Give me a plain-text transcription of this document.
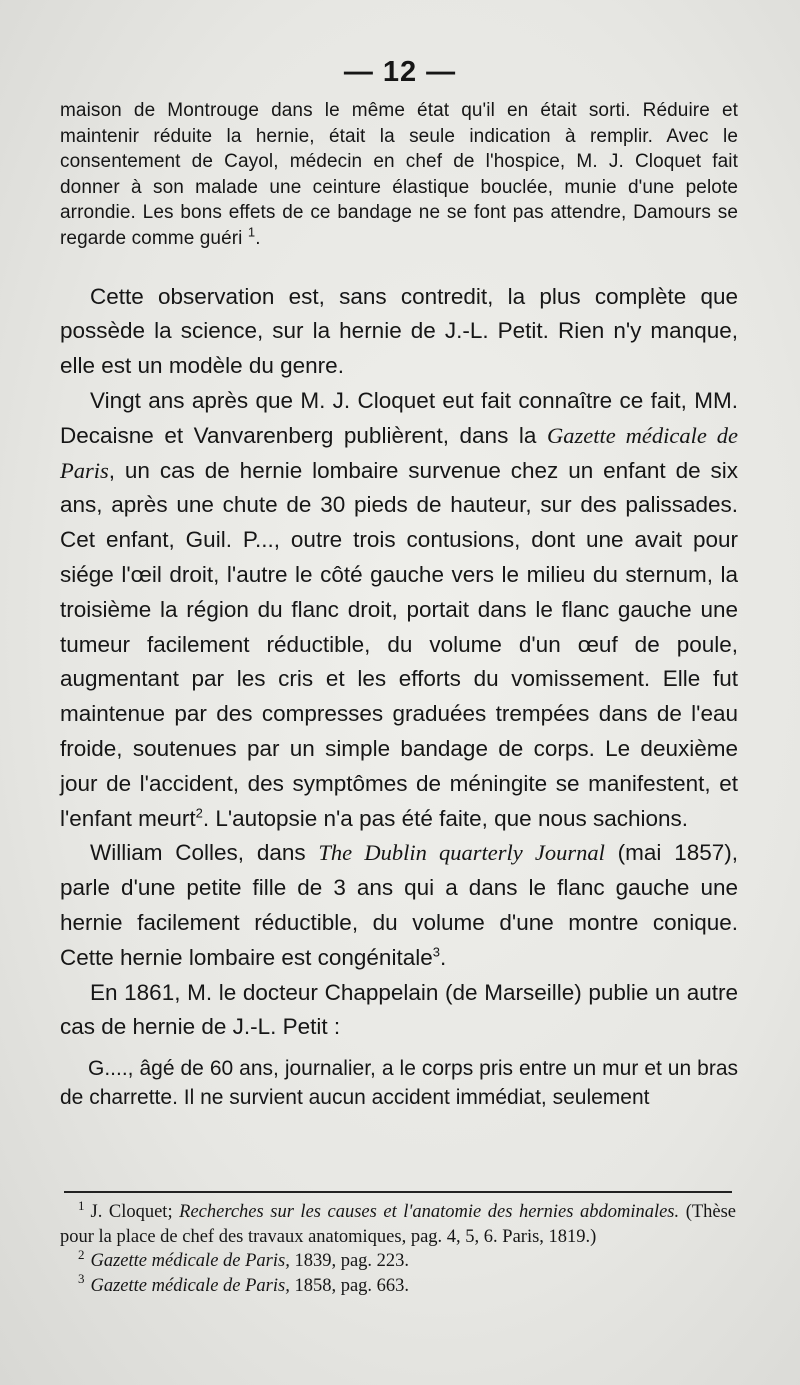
— 12 —

maison de Montrouge dans le même état qu'il en était sorti. Réduire et maintenir réduite la hernie, était la seule indication à remplir. Avec le consentement de Cayol, médecin en chef de l'hospice, M. J. Cloquet fait donner à son malade une ceinture élastique bouclée, munie d'une pelote arrondie. Les bons effets de ce bandage ne se font pas attendre, Damours se regarde comme guéri $^1$.

Cette observation est, sans contredit, la plus complète que possède la science, sur la hernie de J.-L. Petit. Rien n'y manque, elle est un modèle du genre.

Vingt ans après que M. J. Cloquet eut fait connaître ce fait, MM. Decaisne et Vanvarenberg publièrent, dans la Gazette médicale de Paris, un cas de hernie lombaire survenue chez un enfant de six ans, après une chute de 30 pieds de hauteur, sur des palissades. Cet enfant, Guil. P..., outre trois contusions, dont une avait pour siége l'œil droit, l'autre le côté gauche vers le milieu du sternum, la troisième la région du flanc droit, portait dans le flanc gauche une tumeur facilement réductible, du volume d'un œuf de poule, augmentant par les cris et les efforts du vomissement. Elle fut maintenue par des compresses graduées trempées dans de l'eau froide, soutenues par un simple bandage de corps. Le deuxième jour de l'accident, des symptômes de méningite se manifestent, et l'enfant meurt$^2$. L'autopsie n'a pas été faite, que nous sachions.

William Colles, dans The Dublin quarterly Journal (mai 1857), parle d'une petite fille de 3 ans qui a dans le flanc gauche une hernie facilement réductible, du volume d'une montre conique. Cette hernie lombaire est congénitale$^3$.

En 1861, M. le docteur Chappelain (de Marseille) publie un autre cas de hernie de J.-L. Petit :

G...., âgé de 60 ans, journalier, a le corps pris entre un mur et un bras de charrette. Il ne survient aucun accident immédiat, seulement

$^1$ J. Cloquet; Recherches sur les causes et l'anatomie des hernies abdominales. (Thèse pour la place de chef des travaux anatomiques, pag. 4, 5, 6. Paris, 1819.)

$^2$ Gazette médicale de Paris, 1839, pag. 223.

$^3$ Gazette médicale de Paris, 1858, pag. 663.
